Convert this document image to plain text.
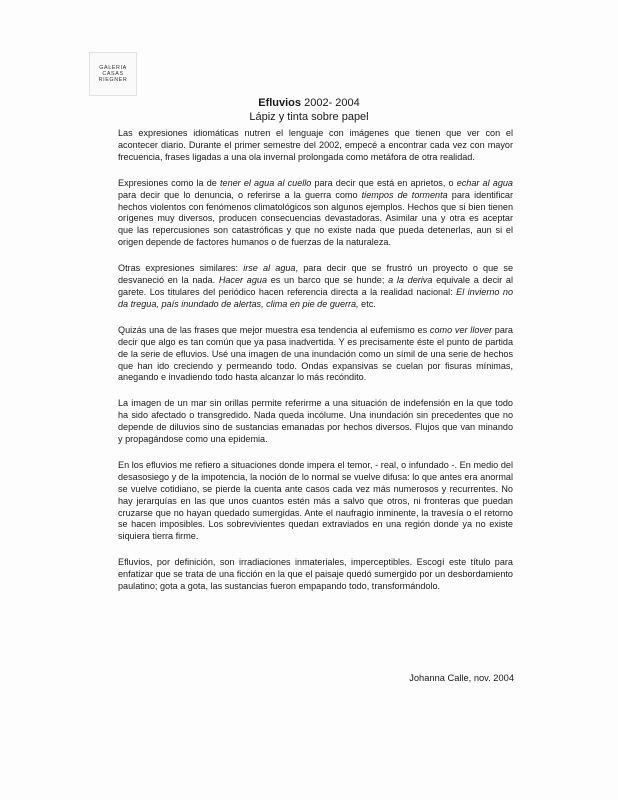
GALERIA
CASAS
RIEGNER
Efluvios 2002- 2004
Lápiz y tinta sobre papel

Las expresiones idiomáticas nutren el lenguaje con imágenes que tienen que ver con el acontecer diario. Durante el primer semestre del 2002, empecé a encontrar cada vez con mayor frecuencia, frases ligadas a una ola invernal prolongada como metáfora de otra realidad.

Expresiones como la de tener el agua al cuello para decir que está en aprietos, o echar al agua para decir que lo denuncia, o referirse a la guerra como tiempos de tormenta para identificar hechos violentos con fenómenos climatológicos son algunos ejemplos. Hechos que si bien tienen orígenes muy diversos, producen consecuencias devastadoras. Asimilar una y otra es aceptar que las repercusiones son catastróficas y que no existe nada que pueda detenerlas, aun si el origen depende de factores humanos o de fuerzas de la naturaleza.

Otras expresiones similares: irse al agua, para decir que se frustró un proyecto o que se desvaneció en la nada. Hacer agua es un barco que se hunde; a la deriva equivale a decir al garete. Los titulares del periódico hacen referencia directa a la realidad nacional: El invierno no da tregua, país inundado de alertas, clima en pie de guerra, etc.

Quizás una de las frases que mejor muestra esa tendencia al eufemismo es como ver llover para decir que algo es tan común que ya pasa inadvertida. Y es precisamente éste el punto de partida de la serie de efluvios. Usé una imagen de una inundación como un símil de una serie de hechos que han ido creciendo y permeando todo. Ondas expansivas se cuelan por fisuras mínimas, anegando e invadiendo todo hasta alcanzar lo más recóndito.

La imagen de un mar sin orillas permite referirme a una situación de indefensión en la que todo ha sido afectado o transgredido. Nada queda incólume. Una inundación sin precedentes que no depende de diluvios sino de sustancias emanadas por hechos diversos. Flujos que van minando y propagándose como una epidemia.

En los efluvios me refiero a situaciones donde impera el temor, - real, o infundado -. En medio del desasosiego y de la impotencia, la noción de lo normal se vuelve difusa: lo que antes era anormal se vuelve cotidiano, se pierde la cuenta ante casos cada vez más numerosos y recurrentes. No hay jerarquías en las que unos cuantos estén más a salvo que otros, ni fronteras que puedan cruzarse que no hayan quedado sumergidas. Ante el naufragio inminente, la travesía o el retorno se hacen imposibles. Los sobrevivientes quedan extraviados en una región donde ya no existe siquiera tierra firme.

Efluvios, por definición, son irradiaciones inmateriales, imperceptibles. Escogí este título para enfatizar que se trata de una ficción en la que el paisaje quedó sumergido por un desbordamiento paulatino; gota a gota, las sustancias fueron empapando todo, transformándolo.

Johanna Calle, nov. 2004
